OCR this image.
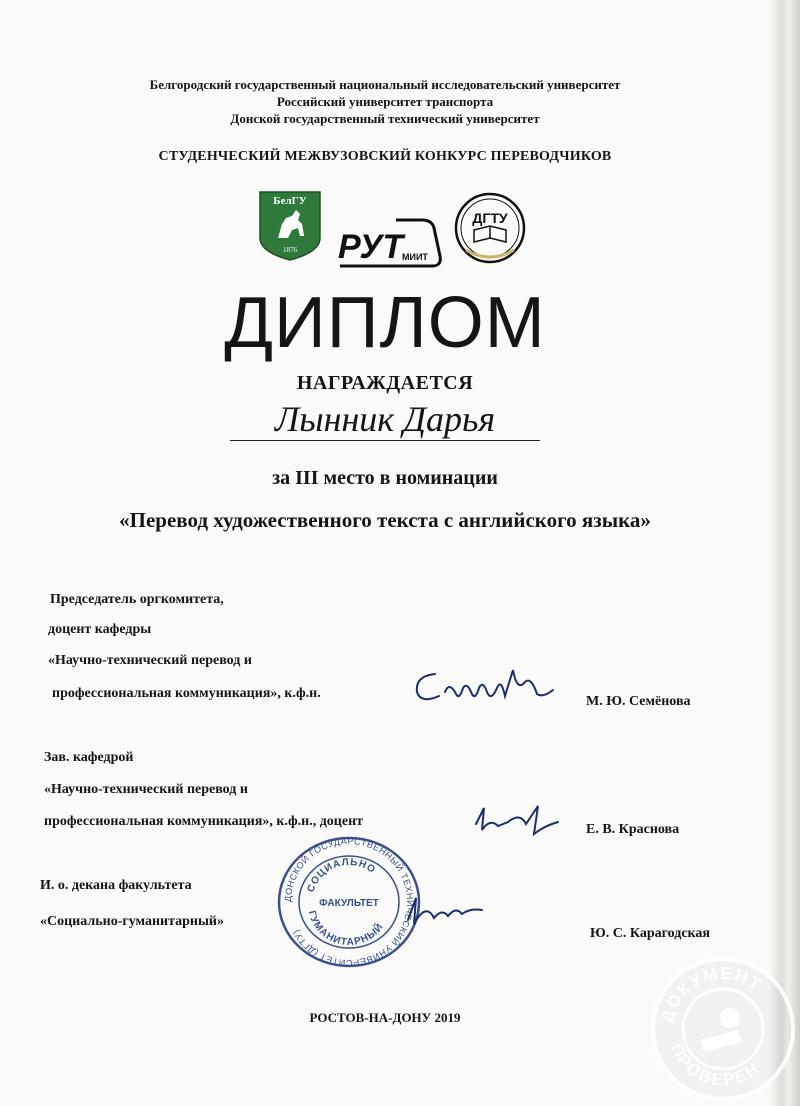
Белгородский государственный национальный исследовательский университет
Российский университет транспорта
Донской государственный технический университет
СТУДЕНЧЕСКИЙ МЕЖВУЗОВСКИЙ КОНКУРС ПЕРЕВОДЧИКОВ
БелГУ
1876 РУТ
МИИТ
ДГТУ
ДИПЛОМ
НАГРАЖДАЕТСЯ
Лынник Дарья
за III место в номинации
«Перевод художественного текста с английского языка»
Председатель оргкомитета,
доцент кафедры
«Научно-технический перевод и
профессиональная коммуникация», к.ф.н.
М. Ю. Семёнова
Зав. кафедрой
«Научно-технический перевод и
профессиональная коммуникация», к.ф.н., доцент
Е. В. Краснова
И. о. декана факультета
«Социально-гуманитарный»
Ю. С. Карагодская
ДОНСКОЙ ГОСУДАРСТВЕННЫЙ ТЕХНИЧЕСКИЙ УНИВЕРСИТЕТ (ДГТУ)
СОЦИАЛЬНО
ГУМАНИТАРНЫЙ
ФАКУЛЬТЕТ
РОСТОВ-НА-ДОНУ 2019	ДОКУМЕНТ
ПРОВЕРЕН
